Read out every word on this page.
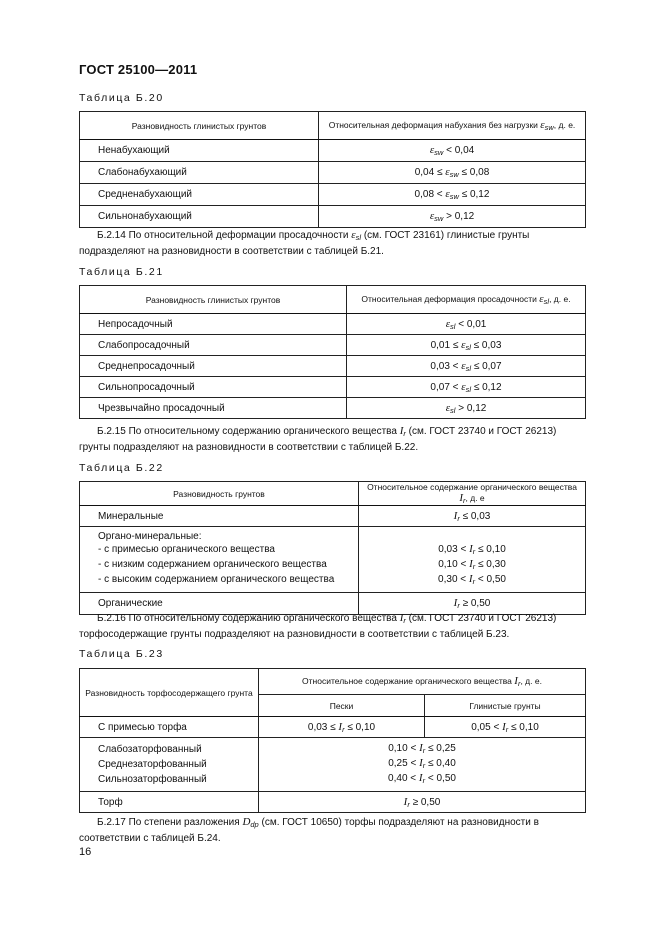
ГОСТ 25100—2011
Таблица Б.20
Разновидность глинистых грунтов	Относительная деформация набухания без нагрузки εsw, д. е.
Ненабухающий	$\varepsilon_{sw} < 0,04$
Слабонабухающий	$0,04 \le \varepsilon_{sw} \le 0,08$
Средненабухающий	$0,08 < \varepsilon_{sw} \le 0,12$
Сильнонабухающий	$\varepsilon_{sw} > 0,12$
Б.2.14 По относительной деформации просадочности $\varepsilon_{sl}$ (см. ГОСТ 23161) глинистые грунты подразделяют на разновидности в соответствии с таблицей Б.21.
Таблица Б.21
Разновидность глинистых грунтов	Относительная деформация просадочности εsl, д. е.
Непросадочный	$\varepsilon_{sl} < 0,01$
Слабопросадочный	$0,01 \le \varepsilon_{sl} \le 0,03$
Среднепросадочный	$0,03 < \varepsilon_{sl} \le 0,07$
Сильнопросадочный	$0,07 < \varepsilon_{sl} \le 0,12$
Чрезвычайно просадочный	$\varepsilon_{sl} > 0,12$
Б.2.15 По относительному содержанию органического вещества $I_r$ (см. ГОСТ 23740 и ГОСТ 26213) грунты подразделяют на разновидности в соответствии с таблицей Б.22.
Таблица Б.22
Разновидность грунтов	Относительное содержание органического вещества Ir, д. е
Минеральные	$I_r \le 0,03$
Органо-минеральные:	
- с примесью органического вещества	$0,03 < I_r \le 0,10$
- с низким содержанием органического вещества	$0,10 < I_r \le 0,30$
- с высоким содержанием органического вещества	$0,30 < I_r < 0,50$
Органические	$I_r \ge 0,50$
Б.2.16 По относительному содержанию органического вещества $I_r$ (см. ГОСТ 23740 и ГОСТ 26213) торфосодержащие грунты подразделяют на разновидности в соответствии с таблицей Б.23.
Таблица Б.23
Разновидность торфосодержащего грунта	Относительное содержание органического вещества Ir, д. е.	
	Пески	Глинистые грунты
С примесью торфа	$0,03 \le I_r \le 0,10$	$0,05 < I_r \le 0,10$
Слабозаторфованный	$0,10 < I_r \le 0,25$	
Среднезаторфованный	$0,25 < I_r \le 0,40$	
Сильнозаторфованный	$0,40 < I_r < 0,50$	
Торф	$I_r \ge 0,50$	
Б.2.17 По степени разложения $D_{dp}$ (см. ГОСТ 10650) торфы подразделяют на разновидности в соответствии с таблицей Б.24.
16
